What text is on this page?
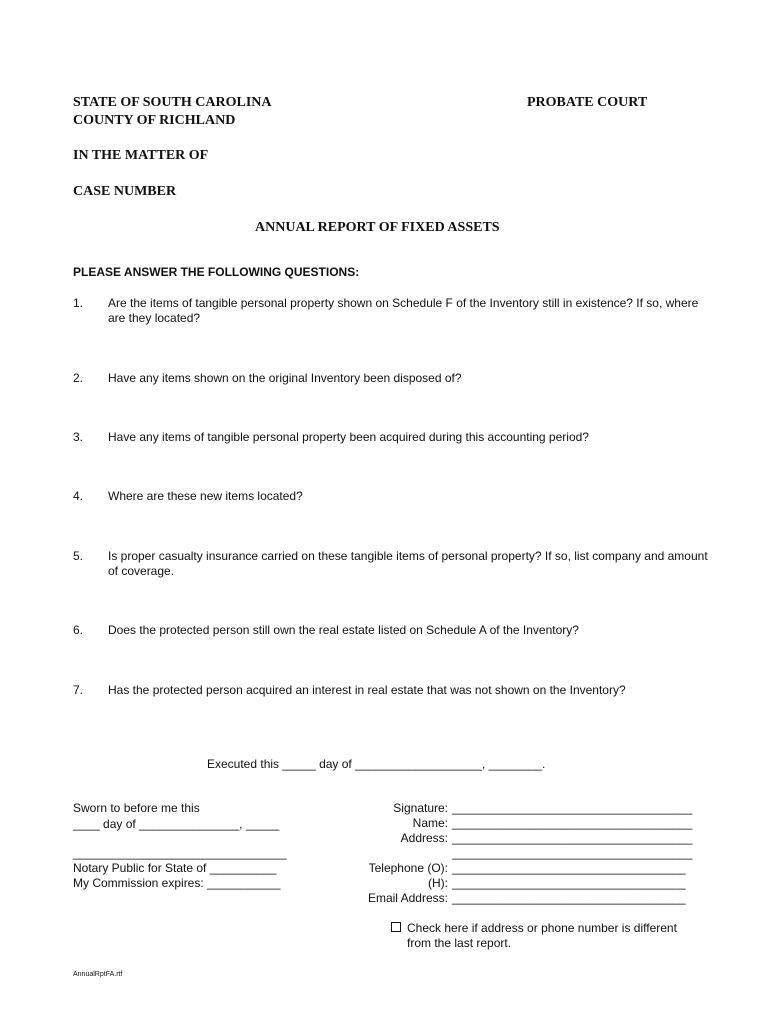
STATE OF SOUTH CAROLINA
COUNTY OF RICHLAND
PROBATE COURT
IN THE MATTER OF
CASE NUMBER
ANNUAL REPORT OF FIXED ASSETS
PLEASE ANSWER THE FOLLOWING QUESTIONS:
1. Are the items of tangible personal property shown on Schedule F of the Inventory still in existence? If so, where are they located?
2. Have any items shown on the original Inventory been disposed of?
3. Have any items of tangible personal property been acquired during this accounting period?
4. Where are these new items located?
5. Is proper casualty insurance carried on these tangible items of personal property? If so, list company and amount of coverage.
6. Does the protected person still own the real estate listed on Schedule A of the Inventory?
7. Has the protected person acquired an interest in real estate that was not shown on the Inventory?
Executed this _____ day of ___________________, ________.
Sworn to before me this
____ day of _______________, _____
________________________________
Notary Public for State of __________
My Commission expires: ___________
Signature: ____________________________________
Name: ____________________________________
Address: ____________________________________
____________________________________
Telephone (O): ___________________________________
(H): ___________________________________
Email Address: ___________________________________
Check here if address or phone number is different
from the last report.
AnnualRptFA.rtf
